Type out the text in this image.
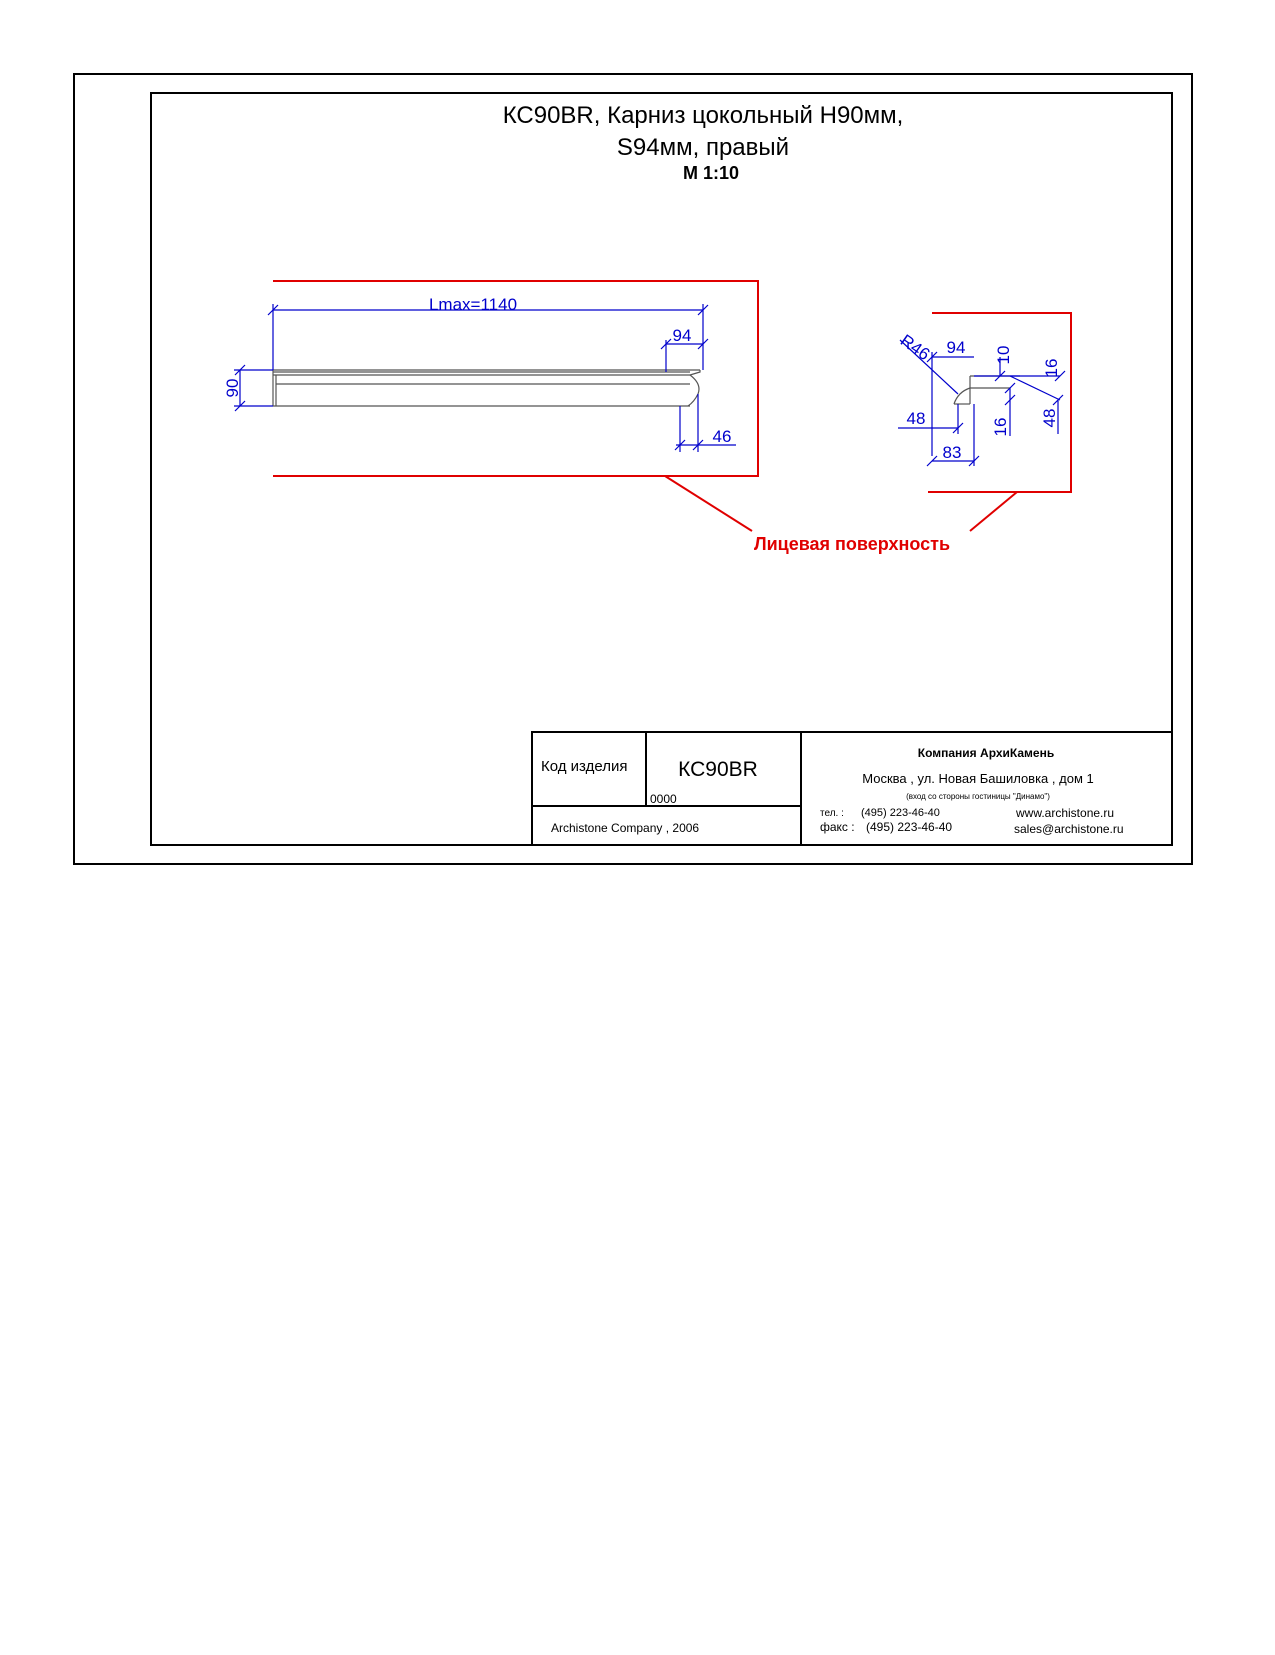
КС90BR, Карниз цокольный H90мм,
S94мм, правый
М 1:10
Lmax=1140
94
90
46
R46 94 10
16
48	16 48
83
Лицевая поверхность
Код изделия КС90BR
0000
Archistone Company , 2006
Компания АрхиКамень
Москва , ул. Новая Башиловка , дом 1
(вход со стороны гостиницы "Динамо")
тел. : (495) 223-46-40
факс : (495) 223-46-40
www.archistone.ru
sales@archistone.ru
